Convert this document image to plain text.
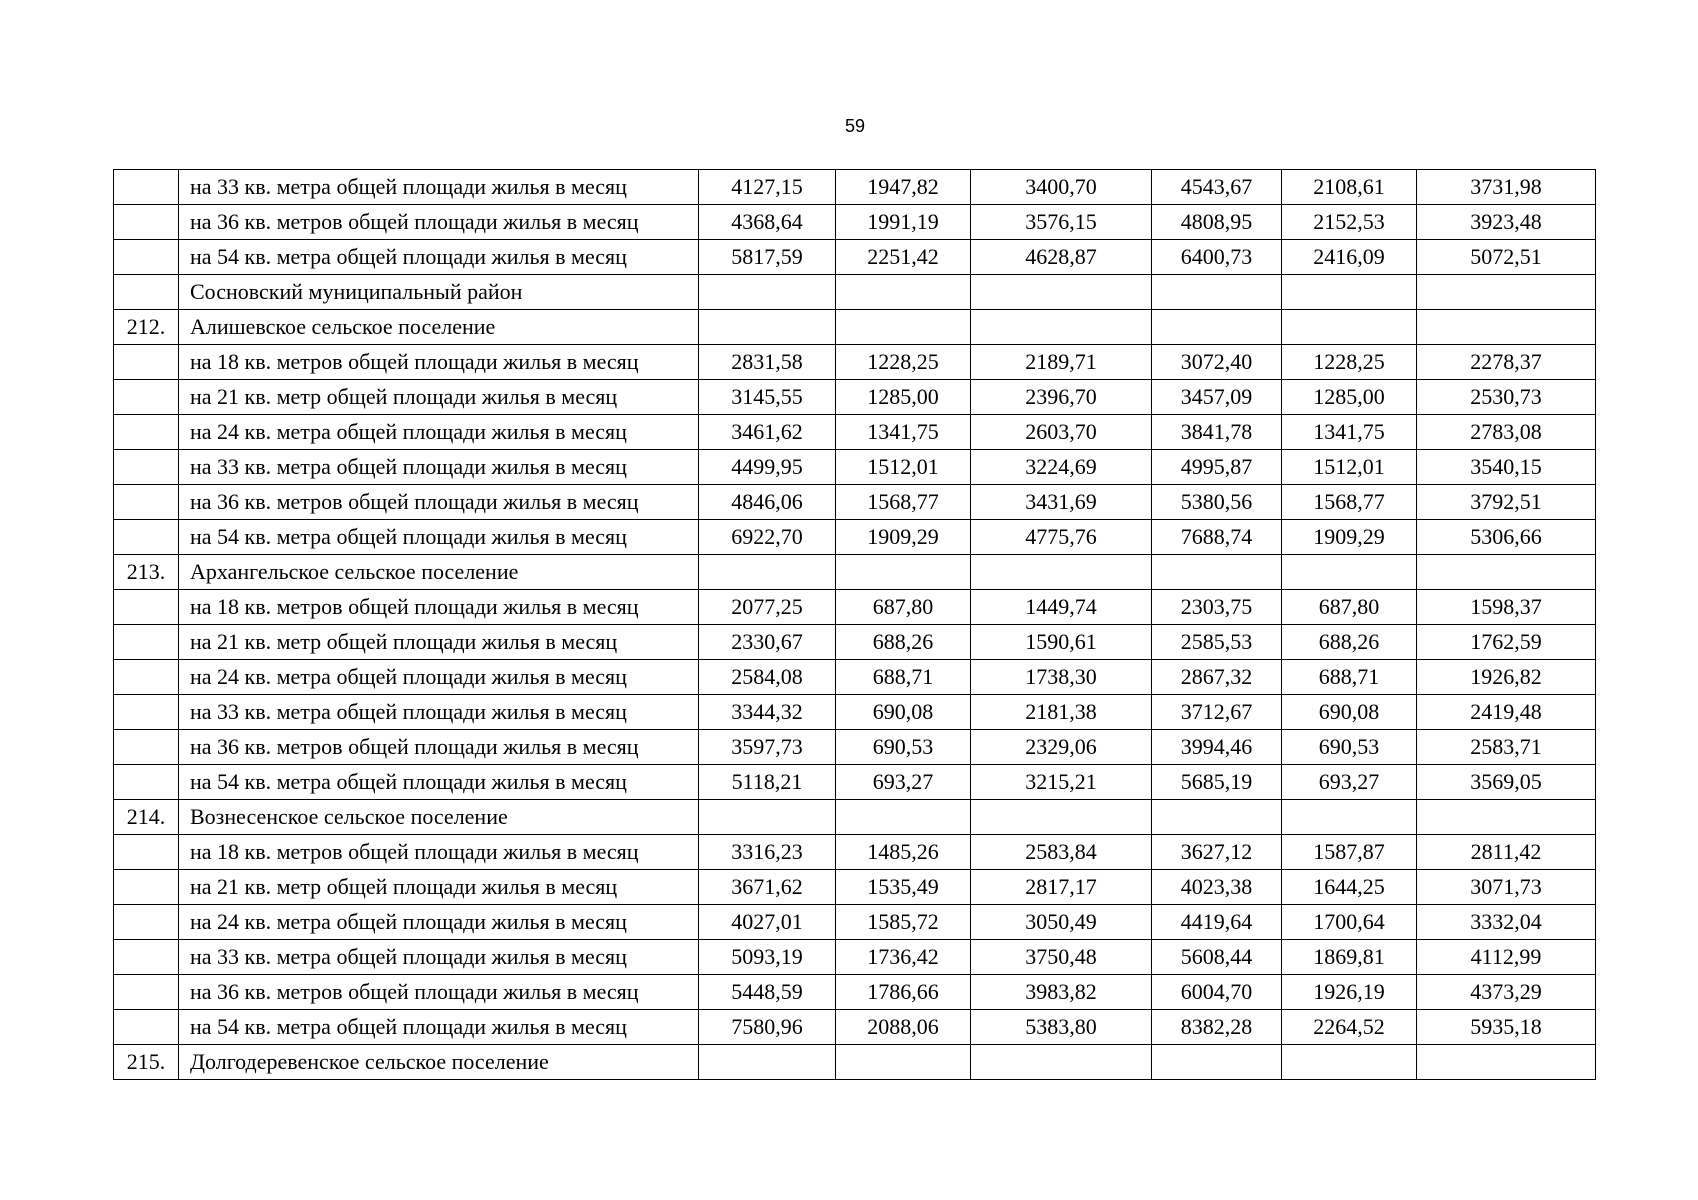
59
	на 33 кв. метра общей площади жилья в месяц	4127,15	1947,82	3400,70	4543,67	2108,61	3731,98
	на 36 кв. метров общей площади жилья в месяц	4368,64	1991,19	3576,15	4808,95	2152,53	3923,48
	на 54 кв. метра общей площади жилья в месяц	5817,59	2251,42	4628,87	6400,73	2416,09	5072,51
	Сосновский муниципальный район						
212.	Алишевское сельское поселение						
	на 18 кв. метров общей площади жилья в месяц	2831,58	1228,25	2189,71	3072,40	1228,25	2278,37
	на 21 кв. метр общей площади жилья в месяц	3145,55	1285,00	2396,70	3457,09	1285,00	2530,73
	на 24 кв. метра общей площади жилья в месяц	3461,62	1341,75	2603,70	3841,78	1341,75	2783,08
	на 33 кв. метра общей площади жилья в месяц	4499,95	1512,01	3224,69	4995,87	1512,01	3540,15
	на 36 кв. метров общей площади жилья в месяц	4846,06	1568,77	3431,69	5380,56	1568,77	3792,51
	на 54 кв. метра общей площади жилья в месяц	6922,70	1909,29	4775,76	7688,74	1909,29	5306,66
213.	Архангельское сельское поселение						
	на 18 кв. метров общей площади жилья в месяц	2077,25	687,80	1449,74	2303,75	687,80	1598,37
	на 21 кв. метр общей площади жилья в месяц	2330,67	688,26	1590,61	2585,53	688,26	1762,59
	на 24 кв. метра общей площади жилья в месяц	2584,08	688,71	1738,30	2867,32	688,71	1926,82
	на 33 кв. метра общей площади жилья в месяц	3344,32	690,08	2181,38	3712,67	690,08	2419,48
	на 36 кв. метров общей площади жилья в месяц	3597,73	690,53	2329,06	3994,46	690,53	2583,71
	на 54 кв. метра общей площади жилья в месяц	5118,21	693,27	3215,21	5685,19	693,27	3569,05
214.	Вознесенское сельское поселение						
	на 18 кв. метров общей площади жилья в месяц	3316,23	1485,26	2583,84	3627,12	1587,87	2811,42
	на 21 кв. метр общей площади жилья в месяц	3671,62	1535,49	2817,17	4023,38	1644,25	3071,73
	на 24 кв. метра общей площади жилья в месяц	4027,01	1585,72	3050,49	4419,64	1700,64	3332,04
	на 33 кв. метра общей площади жилья в месяц	5093,19	1736,42	3750,48	5608,44	1869,81	4112,99
	на 36 кв. метров общей площади жилья в месяц	5448,59	1786,66	3983,82	6004,70	1926,19	4373,29
	на 54 кв. метра общей площади жилья в месяц	7580,96	2088,06	5383,80	8382,28	2264,52	5935,18
215.	Долгодеревенское сельское поселение						
